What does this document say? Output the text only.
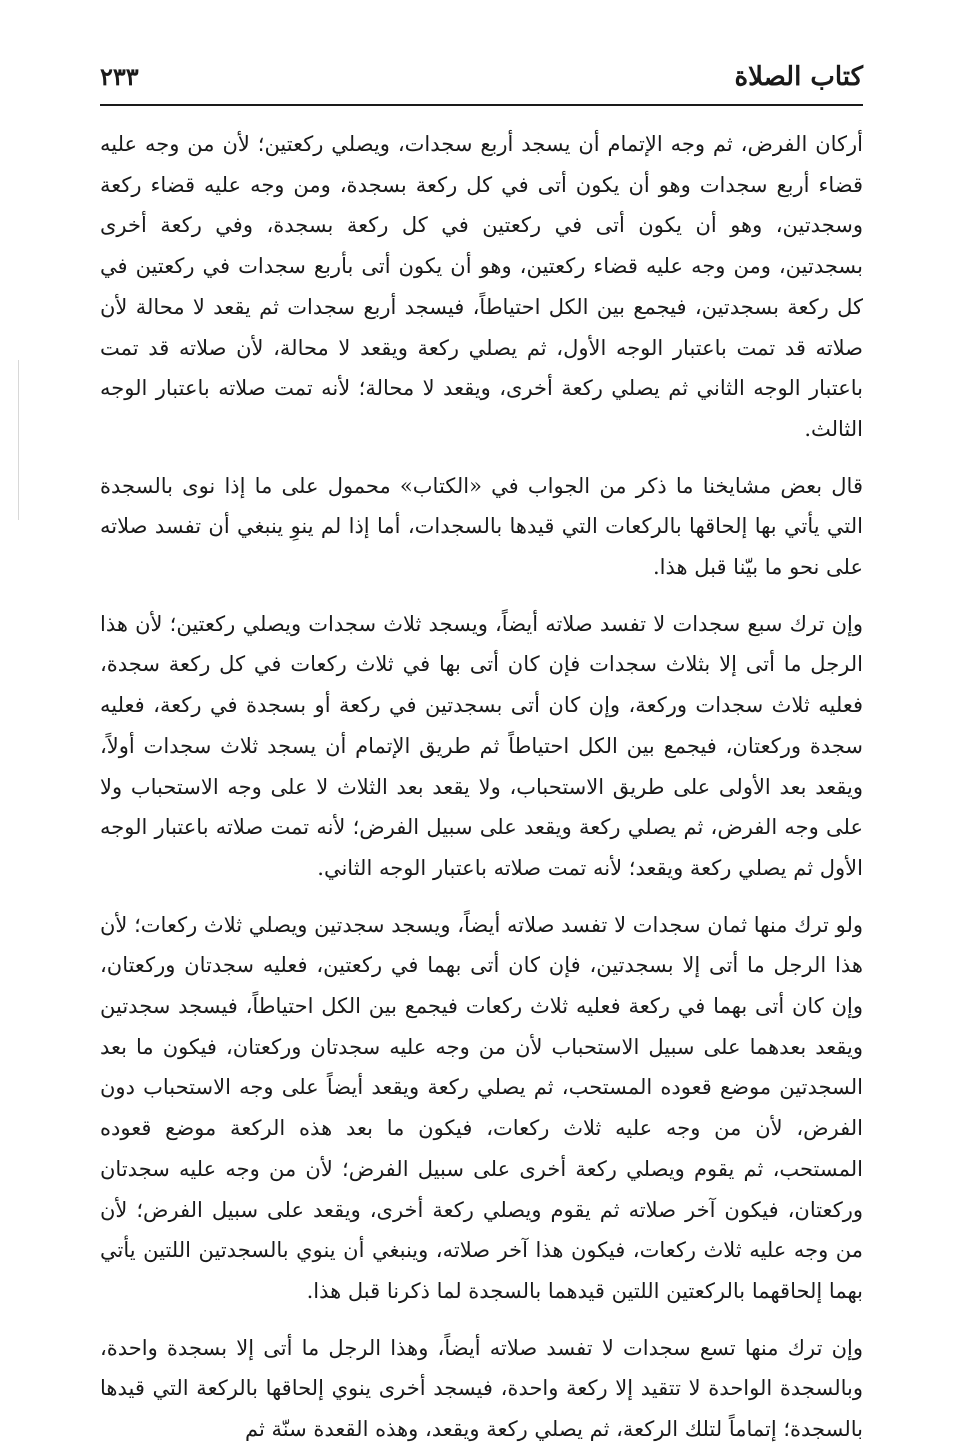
كتاب الصلاة
٢٣٣

أركان الفرض، ثم وجه الإتمام أن يسجد أربع سجدات، ويصلي ركعتين؛ لأن من وجه عليه قضاء أربع سجدات وهو أن يكون أتى في كل ركعة بسجدة، ومن وجه عليه قضاء ركعة وسجدتين، وهو أن يكون أتى في ركعتين في كل ركعة بسجدة، وفي ركعة أخرى بسجدتين، ومن وجه عليه قضاء ركعتين، وهو أن يكون أتى بأربع سجدات في ركعتين في كل ركعة بسجدتين، فيجمع بين الكل احتياطاً، فيسجد أربع سجدات ثم يقعد لا محالة لأن صلاته قد تمت باعتبار الوجه الأول، ثم يصلي ركعة ويقعد لا محالة، لأن صلاته قد تمت باعتبار الوجه الثاني ثم يصلي ركعة أخرى، ويقعد لا محالة؛ لأنه تمت صلاته باعتبار الوجه الثالث.

قال بعض مشايخنا ما ذكر من الجواب في «الكتاب» محمول على ما إذا نوى بالسجدة التي يأتي بها إلحاقها بالركعات التي قيدها بالسجدات، أما إذا لم ينوِ ينبغي أن تفسد صلاته على نحو ما بيّنا قبل هذا.

وإن ترك سبع سجدات لا تفسد صلاته أيضاً، ويسجد ثلاث سجدات ويصلي ركعتين؛ لأن هذا الرجل ما أتى إلا بثلاث سجدات فإن كان أتى بها في ثلاث ركعات في كل ركعة سجدة، فعليه ثلاث سجدات وركعة، وإن كان أتى بسجدتين في ركعة أو بسجدة في ركعة، فعليه سجدة وركعتان، فيجمع بين الكل احتياطاً ثم طريق الإتمام أن يسجد ثلاث سجدات أولاً، ويقعد بعد الأولى على طريق الاستحباب، ولا يقعد بعد الثلاث لا على وجه الاستحباب ولا على وجه الفرض، ثم يصلي ركعة ويقعد على سبيل الفرض؛ لأنه تمت صلاته باعتبار الوجه الأول ثم يصلي ركعة ويقعد؛ لأنه تمت صلاته باعتبار الوجه الثاني.

ولو ترك منها ثمان سجدات لا تفسد صلاته أيضاً، ويسجد سجدتين ويصلي ثلاث ركعات؛ لأن هذا الرجل ما أتى إلا بسجدتين، فإن كان أتى بهما في ركعتين، فعليه سجدتان وركعتان، وإن كان أتى بهما في ركعة فعليه ثلاث ركعات فيجمع بين الكل احتياطاً، فيسجد سجدتين ويقعد بعدهما على سبيل الاستحباب لأن من وجه عليه سجدتان وركعتان، فيكون ما بعد السجدتين موضع قعوده المستحب، ثم يصلي ركعة ويقعد أيضاً على وجه الاستحباب دون الفرض، لأن من وجه عليه ثلاث ركعات، فيكون ما بعد هذه الركعة موضع قعوده المستحب، ثم يقوم ويصلي ركعة أخرى على سبيل الفرض؛ لأن من وجه عليه سجدتان وركعتان، فيكون آخر صلاته ثم يقوم ويصلي ركعة أخرى، ويقعد على سبيل الفرض؛ لأن من وجه عليه ثلاث ركعات، فيكون هذا آخر صلاته، وينبغي أن ينوي بالسجدتين اللتين يأتي بهما إلحاقهما بالركعتين اللتين قيدهما بالسجدة لما ذكرنا قبل هذا.

وإن ترك منها تسع سجدات لا تفسد صلاته أيضاً، وهذا الرجل ما أتى إلا بسجدة واحدة، وبالسجدة الواحدة لا تتقيد إلا ركعة واحدة، فيسجد أخرى ينوي إلحاقها بالركعة التي قيدها بالسجدة؛ إتماماً لتلك الركعة، ثم يصلي ركعة ويقعد، وهذه القعدة سنّة ثم
